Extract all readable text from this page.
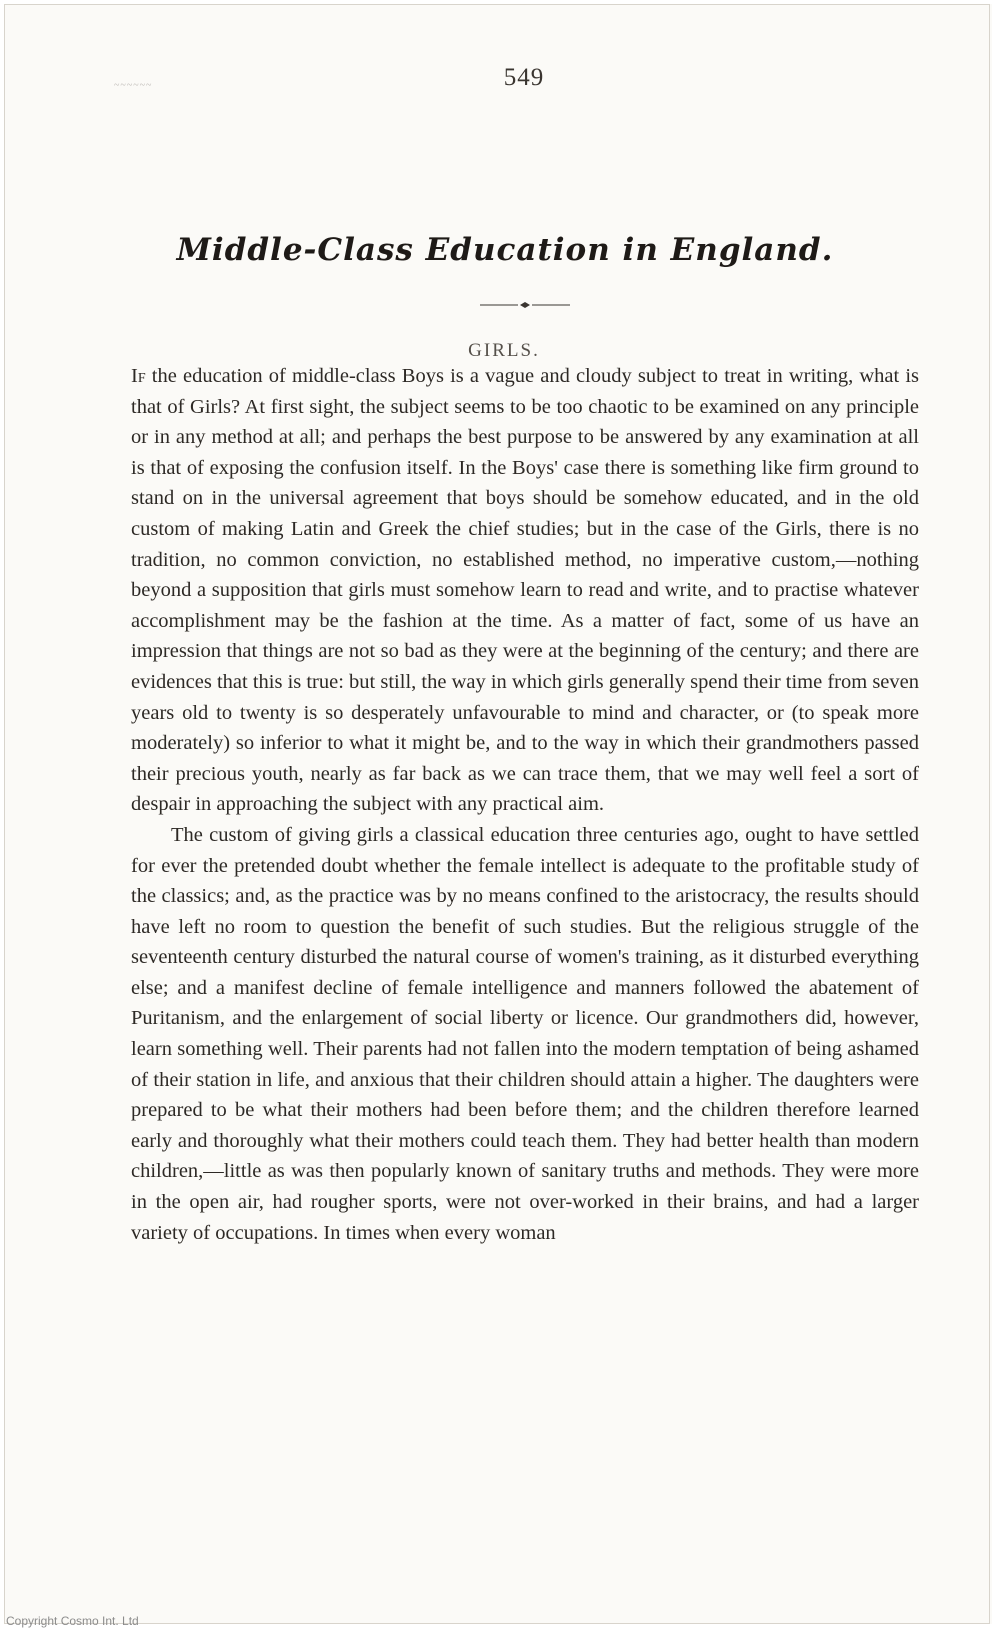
~~~~~~	549
Middle-Class Education in England.
GIRLS.

If the education of middle-class Boys is a vague and cloudy subject to treat in writing, what is that of Girls? At first sight, the subject seems to be too chaotic to be examined on any principle or in any method at all; and perhaps the best purpose to be answered by any examination at all is that of exposing the confusion itself. In the Boys' case there is something like firm ground to stand on in the universal agreement that boys should be somehow educated, and in the old custom of making Latin and Greek the chief studies; but in the case of the Girls, there is no tradition, no common conviction, no established method, no imperative custom,—nothing beyond a supposition that girls must somehow learn to read and write, and to practise whatever accomplishment may be the fashion at the time. As a matter of fact, some of us have an impression that things are not so bad as they were at the beginning of the century; and there are evidences that this is true: but still, the way in which girls generally spend their time from seven years old to twenty is so desperately unfavourable to mind and character, or (to speak more moderately) so inferior to what it might be, and to the way in which their grandmothers passed their precious youth, nearly as far back as we can trace them, that we may well feel a sort of despair in approaching the subject with any practical aim.

The custom of giving girls a classical education three centuries ago, ought to have settled for ever the pretended doubt whether the female intellect is adequate to the profitable study of the classics; and, as the practice was by no means confined to the aristocracy, the results should have left no room to question the benefit of such studies. But the religious struggle of the seventeenth century disturbed the natural course of women's training, as it disturbed everything else; and a manifest decline of female intelligence and manners followed the abatement of Puritanism, and the enlargement of social liberty or licence. Our grandmothers did, however, learn something well. Their parents had not fallen into the modern temptation of being ashamed of their station in life, and anxious that their children should attain a higher. The daughters were prepared to be what their mothers had been before them; and the children therefore learned early and thoroughly what their mothers could teach them. They had better health than modern children,—little as was then popularly known of sanitary truths and methods. They were more in the open air, had rougher sports, were not over-worked in their brains, and had a larger variety of occupations. In times when every woman

Copyright Cosmo Int. Ltd
